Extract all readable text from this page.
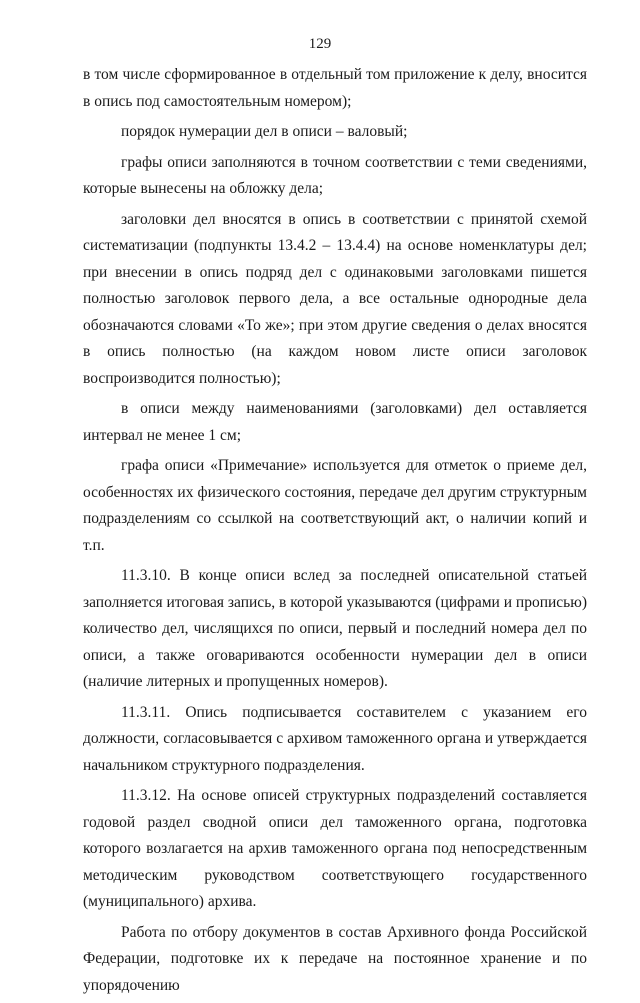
129

в том числе сформированное в отдельный том приложение к делу, вносится в опись под самостоятельным номером);

порядок нумерации дел в описи – валовый;

графы описи заполняются в точном соответствии с теми сведениями, которые вынесены на обложку дела;

заголовки дел вносятся в опись в соответствии с принятой схемой систематизации (подпункты 13.4.2 – 13.4.4) на основе номенклатуры дел; при внесении в опись подряд дел с одинаковыми заголовками пишется полностью заголовок первого дела, а все остальные однородные дела обозначаются словами «То же»; при этом другие сведения о делах вносятся в опись полностью (на каждом новом листе описи заголовок воспроизводится полностью);

в описи между наименованиями (заголовками) дел оставляется интервал не менее 1 см;

графа описи «Примечание» используется для отметок о приеме дел, особенностях их физического состояния, передаче дел другим структурным подразделениям со ссылкой на соответствующий акт, о наличии копий и т.п.

11.3.10. В конце описи вслед за последней описательной статьей заполняется итоговая запись, в которой указываются (цифрами и прописью) количество дел, числящихся по описи, первый и последний номера дел по описи, а также оговариваются особенности нумерации дел в описи (наличие литерных и пропущенных номеров).

11.3.11. Опись подписывается составителем с указанием его должности, согласовывается с архивом таможенного органа и утверждается начальником структурного подразделения.

11.3.12. На основе описей структурных подразделений составляется годовой раздел сводной описи дел таможенного органа, подготовка которого возлагается на архив таможенного органа под непосредственным методическим руководством соответствующего государственного (муниципального) архива.

Работа по отбору документов в состав Архивного фонда Российской Федерации, подготовке их к передаче на постоянное хранение и по упорядочению
